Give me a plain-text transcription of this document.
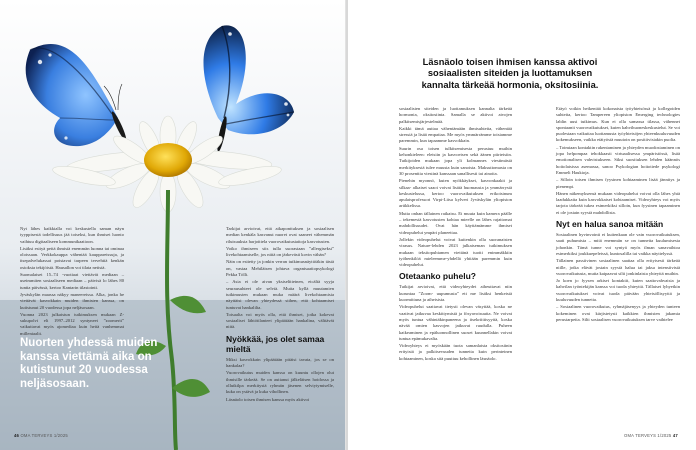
Nyt lähes kaikkialla voi keskustella saman näyn tyyppisestä todellisuus jää toiseksi, kun ihmiset luonto vaihtuu digitaaliseen kommunikaatioon.

Lisäksi esityä peitä ihmisiä enemmän luonna tai ominaa oloissaan. Verkkokauppa vähentää kauppareissuja, ja itsepalvelukassat poistavat tarpeen tervehtiä kenkän ostoksia tekijöistä. Hausallon voi tilata netistä.

Suomalaiset 15–74 -vuotiaat viettävät mediaan – useimmiten sosiaaliseen mediaan – päivisä lo lähes 80 tuntia päivässä, kertoo Kantarin tilastointi.

Jyväskylän maassa näkyy maneereissa. Alka, jonka he viettävät kasvokkain muiden ihmisten kanssa, on kutistunut 20 vuodessa jopa neljäsosaan.

Vuonna 2023 julkaistun tutkimuksen mukaan Z-sukupolvi eli 1997–2012 syntyneet ”zoomerit” vaikuttavat myös ajomediaa kuin heitä vanhemmat milleniaalit.

Nuorten yhdessä muiden kanssa viettämä aika on kutistunut 20 vuodessa neljäsosaan.

Tarkijat arvioivat, että aikaponttuksen ja sosiaalisen median kenkäla kasvanut nuoret ovat saaneet vähemmän riluisuuksia harjoittela vuorovaikutustaitoja kasvotusten.

Voiko ihmiseen siis tulla suorastaan ”allergiseksi” livekohtaamiselle, jos niitä on järkevästi kovin vähän?

Näin on esitetty ja jonkin verran tutkimusnäyttöäkin tästä on, vastaa Mehiläisen johtava organisaatiopsykologi Pekka Tölli.

– Asia ei ole aivan yksiselitteinen, etcältä syyja seurausuhteet ole selviä. Mutta kyllä muutamien tutkimusten mukaan muka määrä livekohtaamisia näyttäisi olevan yhteydessä siihen, että kohtaamiset tuntuvat hankalilta.

Toisaalta voi myös olla, että ihmiset, jotka kokevat sosiaaliset lähtötilanteet ylipäätään hankalina, välttävät niitä.

Nyökkää, jos olet samaa mieltä

Miksi kasvokkain ylipäätään pitäisi tavata, jos se on hankalaa?

Vuorovaikutus muiden kanssa on kuuntu ollojen olut ihmisille tärkeää. Se on auttanut jälkeläisen hoidossa ja ollutkilpa merkitystä ryhmän jäsenen selviytymiselle, kuka on ystävä ja kuka vihollinen.

Läsnäolo toisen ihmisen kanssa myös aktivoi

46 OMA TERVEYS 1/2025
Läsnäolo toisen ihmisen kanssa aktivoi sosiaalisten siteiden ja luottamuksen kannalta tärkeää hormonia, oksitosiinia.

sosiaalisten siteiden ja luottamuksen kannalta tärkeää hormonia, oksitosiinia. Samalla se aktivoi aivojen palkitsemisjärjestelmää.

Kaikki tämä auttaa vähentämään ihmisuhteita, vähentää stressiä ja lisää empatiaa. Me myös ymmärrämme toisiamme paremmin, kun tapaamme kasvokkain.

Suurin osa toisen tulkitsemisesta perustuu muihin kehonkieleen: eleisiin ja kasvoeisen sekä äänen piirteisiin. Tutkijoiden mukaan jopa yli kolmannes viestimästä merkityksestä tulee muusta kuin sanoista. Maksuttomasta on 30 prosenttia viestinä kanssaan sanallisesti tai ainoita.

Pienehin myonnö, kuten nyökkäykset, kasvonkaakit ja silkaa- alkaiset saaot voivat lisätä huomausta ja ymmärrystä keskustelussa, kertoo vuorovaikutuksen erikoisinum apulaisprofessori Virpi-Liisa kylveri Jyväskylän yliopiston artikkelissa.

Mutta onhan tällainen raikaisu. Ei muuta kuin kamera päälle – tekemestä kasvotusten kohtaa mieelle on lähes rajattomat mahdollisuudet. Ovat hän käyttämämme ihmiset videopuhelut ympäri planeettaa.

Jollekin videopuhelut voivat kuitenkin olla suoranaisten virasus. Nature-lehden 2023 julkaiseman tutkimuksen mukaan teksitopuhtamen viettänä tuotti enimmäkkiin työhenkilöä mieleemme-yhdellä yhtiään paremmin kuin videopuhelut.

Otetaanko puhelu?

Tutkijat arvioivat, että videoyhteydet aiheuttavat niin kuruntaa ”Zoom- uupumusta” ett me lisäksi henkeistä kuormittuna ja aiheisista.

Videopuhelut saattavat tietysti olevan väsyttää, koska ne vaativat jatkuvaa keskittymistä ja fösyavoisuutta. Ne voivat myös tuntua vähintäkinpaneena ja itsekriittisyyttä, koska nävää omien kasvojen jatkuvat ruudulla. Puheen katkeaminen ja epäluonnollinen suoset kuunnellakin voivat tuntua epämukavalta.

Videoyhteys ei myöskään tuota samanlaista oksitosiinin erityistä ja palkitsevuuden tunnetta kuin perinteinen kohtaaminen, koska sitä puuttuu kehollinen läsnäolo.

Etäyö voikin heikentää kokonaista työyhteisössä ja kollegoiden suhteita, kertoo Tampereen yliopiston Emerging technologies lablin uusi tutkimus. Kun ei olla samassa tilassa, vähennet spontaanit vuorovaikutukset, kuten kahvihuoneskeskustelut. Se voi puolestaan vaikuttaa luottamusta työyhteisöjen yhteenkuuluvuuden kokemukseen, vaikka etätyöstä muutoin on positiivisiakin puolia.

– Toimiaan kontaktin rakentaminen ja yhteyden muodostaminen on jopa helpompaa tehokkaasti virtuaalisessa ympäristössä, lisää emotionalisen vahvistukseen. Siksi suosituksen lehden käännös hoitolaisissa asemassa, sanoo Psykologian hoitotiede psykologi Emmeli Haukioja.

– Silloin toisen ihmisen fyysinen kohtaaminen lisää jännitys ja pienempi.

Hänen näkemyksensä mukaan videopuhelut voivat olla lähes yhtä laadukkaita kuin kasvokkaiset kohtaamiset. Videoyhteys voi myös tarjota tärkeää tukea esimerkiksi silloin, kun fyysinen tapaaminen ei ole jostain syystä mahdollista.

Nyt en halua sanoa mitään

Sosiaalinen hyvinvointi ei kuitenkaan ole vain vuorovaikutuksen, saati puhumista – mitä enemmän se on tunnetta kuulumisesta johonkin. Tämä tunne voi syntyä myös ilman sanavaihtoa esimerkiksi joukkuepeleissä, kuntosalilla tai vaikka näyttelyssä.

Tällainen passiivinen sosiaalinen saattaa olla erityisesti tärkeää niille, jotka elävät jostain syystä halua tai jaksa intensiivistä vuorovaikutusta, mutta kaipaavat silti jonkinlaista yhteyttä muihin.

Jo koen jo fyysen arkiset kontaktit, kuten saattovahvaisia ja kahvilan työntekijän kanssa voi tuoda yhteyttä. Tällaiset lyhyetkin vuorovaikutukset voivat tuoda päivään yhteisöllisyyttä ja kuuluvuuden tunnetta.

– Sosiaalinen vuorovaikutus, ryhmäjäsenyys ja yhteyden tunteen kokeminen ovat kärjistetysti kaikkien ihmisten jakamia perustarpeita. Silti sosiaalisen vuorovaikutuksen tarve vaihtelee

OMA TERVEYS 1/2025 47
